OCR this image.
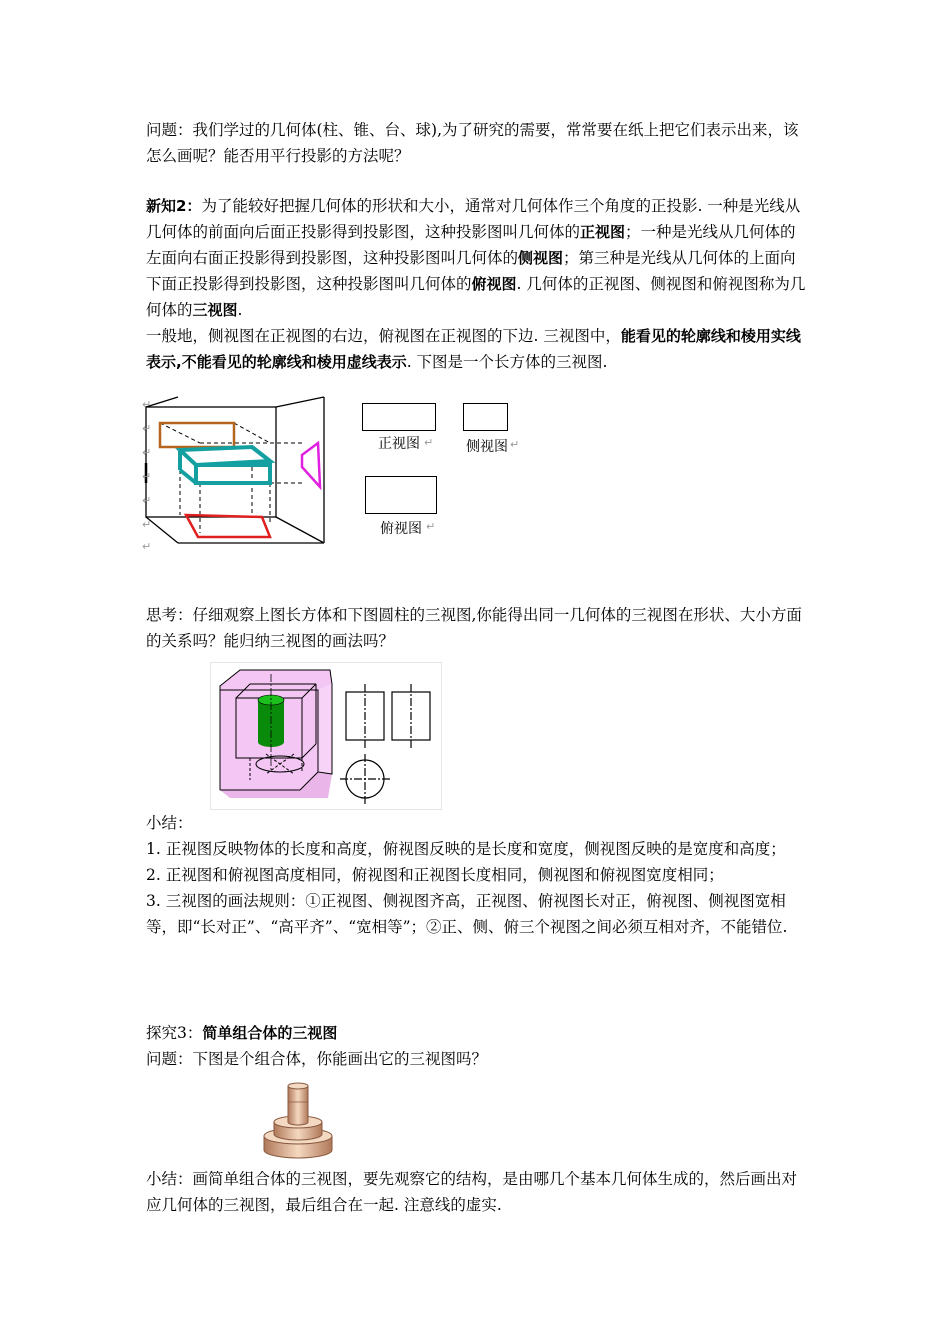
问题：我们学过的几何体(柱、锥、台、球),为了研究的需要，常常要在纸上把它们表示出来，该怎么画呢？能否用平行投影的方法呢？

新知2：为了能较好把握几何体的形状和大小，通常对几何体作三个角度的正投影. 一种是光线从几何体的前面向后面正投影得到投影图，这种投影图叫几何体的正视图；一种是光线从几何体的左面向右面正投影得到投影图，这种投影图叫几何体的侧视图；第三种是光线从几何体的上面向下面正投影得到投影图，这种投影图叫几何体的俯视图. 几何体的正视图、侧视图和俯视图称为几何体的三视图.

一般地，侧视图在正视图的右边，俯视图在正视图的下边. 三视图中，能看见的轮廓线和棱用实线表示,不能看见的轮廓线和棱用虚线表示. 下图是一个长方体的三视图.

↵
↵
↵
↵
↵
↵
↵
正视图 ↵ 侧视图 ↵
俯视图 ↵

思考：仔细观察上图长方体和下图圆柱的三视图,你能得出同一几何体的三视图在形状、大小方面的关系吗？能归纳三视图的画法吗？

小结：

1. 正视图反映物体的长度和高度，俯视图反映的是长度和宽度，侧视图反映的是宽度和高度；

2. 正视图和俯视图高度相同，俯视图和正视图长度相同，侧视图和俯视图宽度相同；

3. 三视图的画法规则：①正视图、侧视图齐高，正视图、俯视图长对正，俯视图、侧视图宽相等，即“长对正”、“高平齐”、“宽相等”；②正、侧、俯三个视图之间必须互相对齐，不能错位.

探究3：简单组合体的三视图

问题：下图是个组合体，你能画出它的三视图吗？

小结：画简单组合体的三视图，要先观察它的结构，是由哪几个基本几何体生成的，然后画出对应几何体的三视图，最后组合在一起. 注意线的虚实.
